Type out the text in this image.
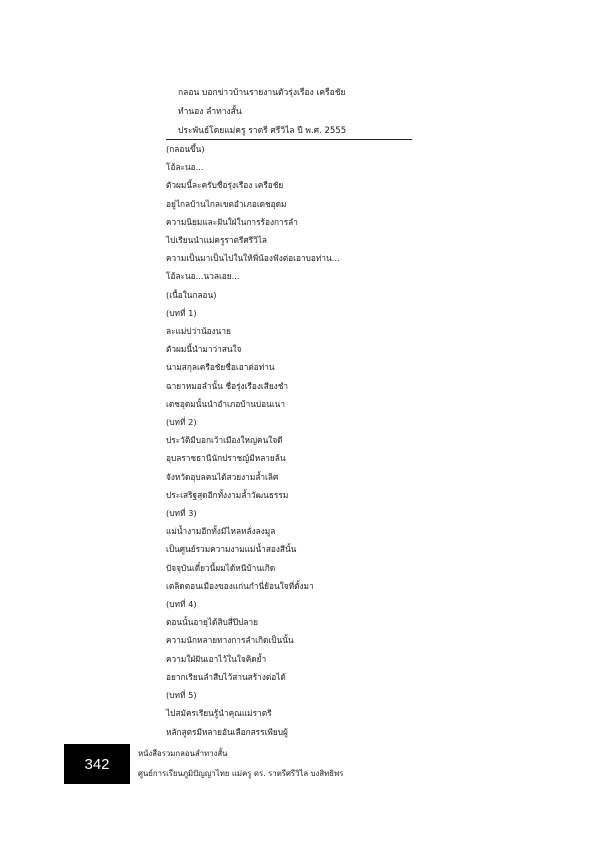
กลอน บอกข่าวบ้านรายงานตัวรุ่งเรือง เครือชัย
ทำนอง ลำทางสั้น
ประพันธ์โดยแม่ครู ราตรี ศรีวิไล ปี พ.ศ. 2555
(กลอนขึ้น)
โอ้ละนอ...
ตัวผมนี้ละครับชื่อรุ่งเรือง เครือชัย
อยู่ไกลบ้านไกลเขตอำเภอเดชอุดม
ความนิยมและฝันใฝ่ในการร้องการลำ
ไปเรียนนำแม่ครูราตรีศรีวิไล
ความเป็นมาเป็นไปในให้พี่น้องฟังต่อเอาบอท่าน...
โอ้ละนอ...นวลเอย...
(เนื้อในกลอน)
(บทที่ 1)
ละแม่บ่ว่าน้องนาย
ตัวผมนี้นำมาว่าสนใจ
นามสกุลเครือชัยชื่อเอาต่อท่าน
ฉายาหมอลำนั้น ชื่อรุ่งเรืองเสียงชำ
เดชอุดมนั้นนำอำเภอบ้านบ่อนเนา
(บทที่ 2)
ประวัติมีบอกเว้าเมืองใหญ่คนใจดี
อุบลราชธานีนักปราชญ์มีหลายล้น
จังหวัดอุบลคนได้สวยงามล้ำเลิศ
ประเสริฐสุดอีกทั้งงามล้ำวัฒนธรรม
(บทที่ 3)
แม่น้ำงามอีกทั้งมีไหลหลั่งลงมูล
เป็นศูนย์รวมความงามแม่น้ำสองสีนั้น
ปัจจุบันเดี๋ยวนี้ผมได้หนีบ้านเกิด
เตลิดตอนเมืองของแก่นกำนี่ย้อนใจที่ตั้งมา
(บทที่ 4)
ตอนนั้นอายุได้สิบสี่ปีปลาย
ความนักหลายทางการลำเกิดเป็นนั้น
ความใฝ่ฝันเอาไว้ในใจคิดย้ำ
อยากเรียนลำสืบไว้สานสร้างต่อได้
(บทที่ 5)
ไปสมัครเรียนรู้นำคุณแม่ราตรี
หลักสูตรมีหลายอันเลือกสรรเพียบผู้
342
หนังสือรวมกลอนลำทางสั้น
ศูนย์การเรียนภูมิปัญญาไทย แม่ครู ดร. ราตรีศรีวิไล บงสิทธิพร
